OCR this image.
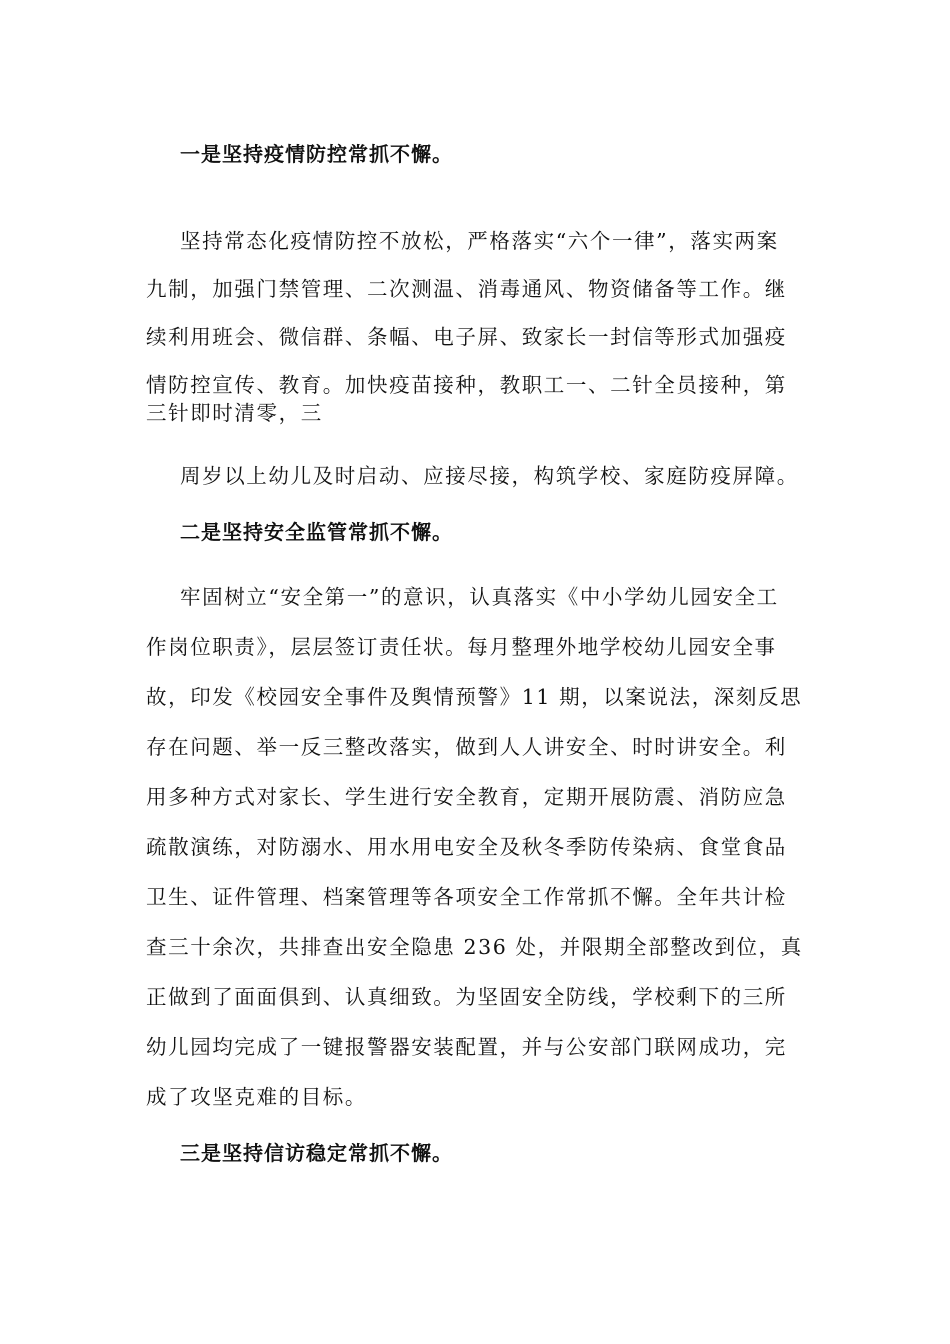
一是坚持疫情防控常抓不懈。
坚持常态化疫情防控不放松，严格落实“六个一律”，落实两案
九制，加强门禁管理、二次测温、消毒通风、物资储备等工作。继
续利用班会、微信群、条幅、电子屏、致家长一封信等形式加强疫
情防控宣传、教育。加快疫苗接种，教职工一、二针全员接种，第
三针即时清零，三
周岁以上幼儿及时启动、应接尽接，构筑学校、家庭防疫屏障。
二是坚持安全监管常抓不懈。
牢固树立“安全第一”的意识，认真落实《中小学幼儿园安全工
作岗位职责》，层层签订责任状。每月整理外地学校幼儿园安全事
故，印发《校园安全事件及舆情预警》11 期，以案说法，深刻反思
存在问题、举一反三整改落实，做到人人讲安全、时时讲安全。利
用多种方式对家长、学生进行安全教育，定期开展防震、消防应急
疏散演练，对防溺水、用水用电安全及秋冬季防传染病、食堂食品
卫生、证件管理、档案管理等各项安全工作常抓不懈。全年共计检
查三十余次，共排查出安全隐患 236 处，并限期全部整改到位，真
正做到了面面俱到、认真细致。为坚固安全防线，学校剩下的三所
幼儿园均完成了一键报警器安装配置，并与公安部门联网成功，完
成了攻坚克难的目标。
三是坚持信访稳定常抓不懈。
